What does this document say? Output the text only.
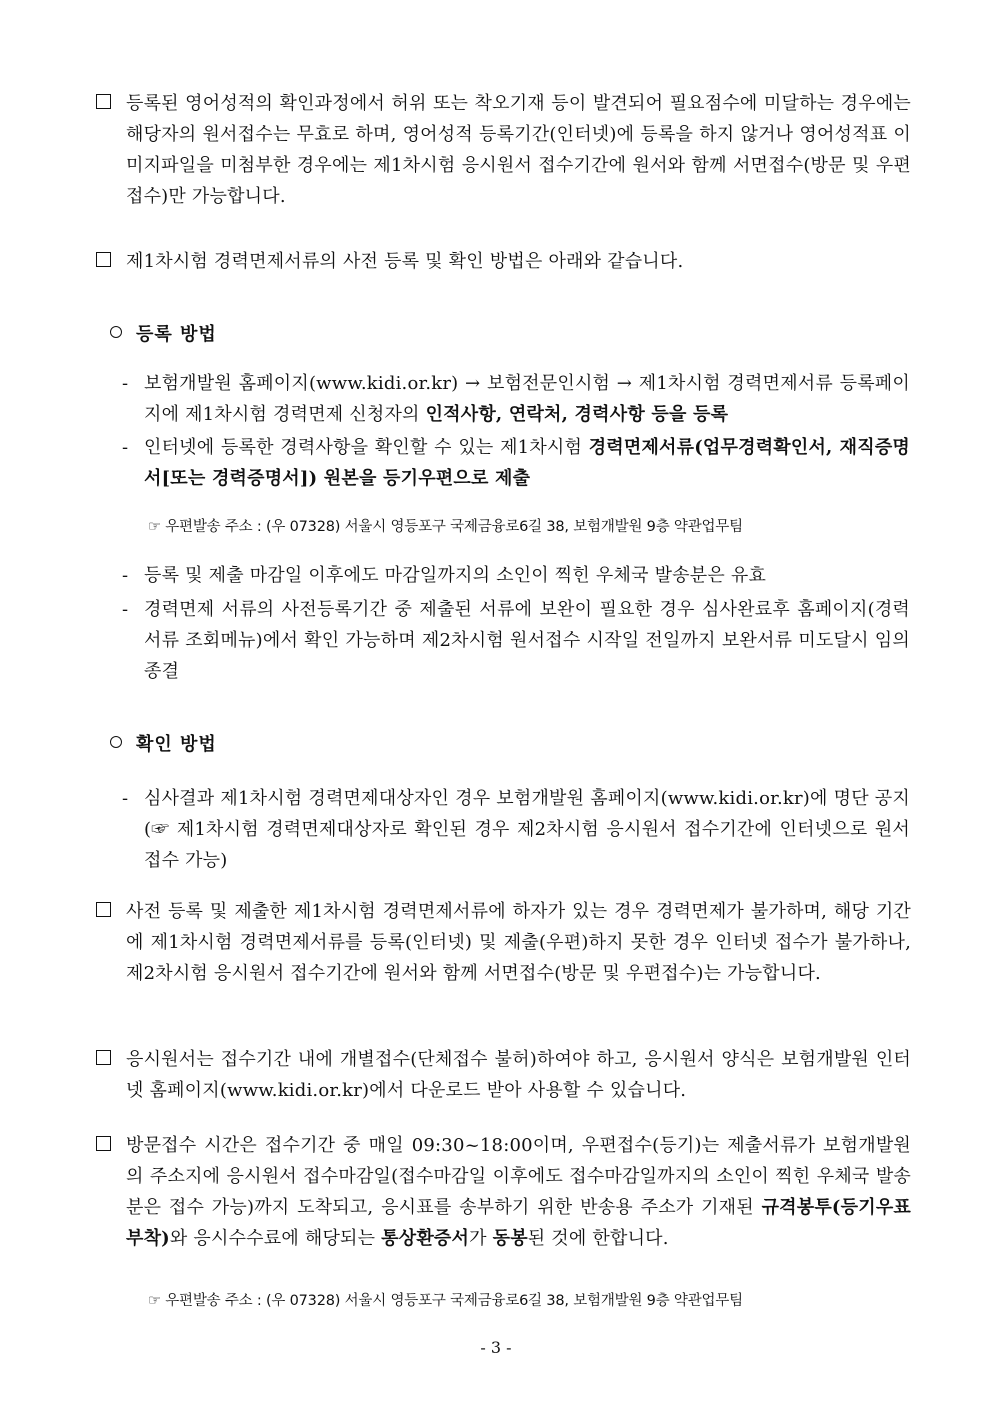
등록된 영어성적의 확인과정에서 허위 또는 착오기재 등이 발견되어 필요점수에 미달하는 경우에는 해당자의 원서접수는 무효로 하며, 영어성적 등록기간(인터넷)에 등록을 하지 않거나 영어성적표 이미지파일을 미첨부한 경우에는 제1차시험 응시원서 접수기간에 원서와 함께 서면접수(방문 및 우편접수)만 가능합니다.
제1차시험 경력면제서류의 사전 등록 및 확인 방법은 아래와 같습니다.
등록 방법
- 보험개발원 홈페이지(www.kidi.or.kr) → 보험전문인시험 → 제1차시험 경력면제서류 등록페이지에 제1차시험 경력면제 신청자의 인적사항, 연락처, 경력사항 등을 등록
- 인터넷에 등록한 경력사항을 확인할 수 있는 제1차시험 경력면제서류(업무경력확인서, 재직증명서[또는 경력증명서]) 원본을 등기우편으로 제출
☞ 우편발송 주소 : (우 07328) 서울시 영등포구 국제금융로6길 38, 보험개발원 9층 약관업무팀
- 등록 및 제출 마감일 이후에도 마감일까지의 소인이 찍힌 우체국 발송분은 유효
- 경력면제 서류의 사전등록기간 중 제출된 서류에 보완이 필요한 경우 심사완료후 홈페이지(경력서류 조회메뉴)에서 확인 가능하며 제2차시험 원서접수 시작일 전일까지 보완서류 미도달시 임의종결
확인 방법
- 심사결과 제1차시험 경력면제대상자인 경우 보험개발원 홈페이지(www.kidi.or.kr)에 명단 공지(☞ 제1차시험 경력면제대상자로 확인된 경우 제2차시험 응시원서 접수기간에 인터넷으로 원서접수 가능)
사전 등록 및 제출한 제1차시험 경력면제서류에 하자가 있는 경우 경력면제가 불가하며, 해당 기간에 제1차시험 경력면제서류를 등록(인터넷) 및 제출(우편)하지 못한 경우 인터넷 접수가 불가하나, 제2차시험 응시원서 접수기간에 원서와 함께 서면접수(방문 및 우편접수)는 가능합니다.
응시원서는 접수기간 내에 개별접수(단체접수 불허)하여야 하고, 응시원서 양식은 보험개발원 인터넷 홈페이지(www.kidi.or.kr)에서 다운로드 받아 사용할 수 있습니다.
방문접수 시간은 접수기간 중 매일 09:30~18:00이며, 우편접수(등기)는 제출서류가 보험개발원의 주소지에 응시원서 접수마감일(접수마감일 이후에도 접수마감일까지의 소인이 찍힌 우체국 발송분은 접수 가능)까지 도착되고, 응시표를 송부하기 위한 반송용 주소가 기재된 규격봉투(등기우표 부착)와 응시수수료에 해당되는 통상환증서가 동봉된 것에 한합니다.
☞ 우편발송 주소 : (우 07328) 서울시 영등포구 국제금융로6길 38, 보험개발원 9층 약관업무팀
- 3 -
